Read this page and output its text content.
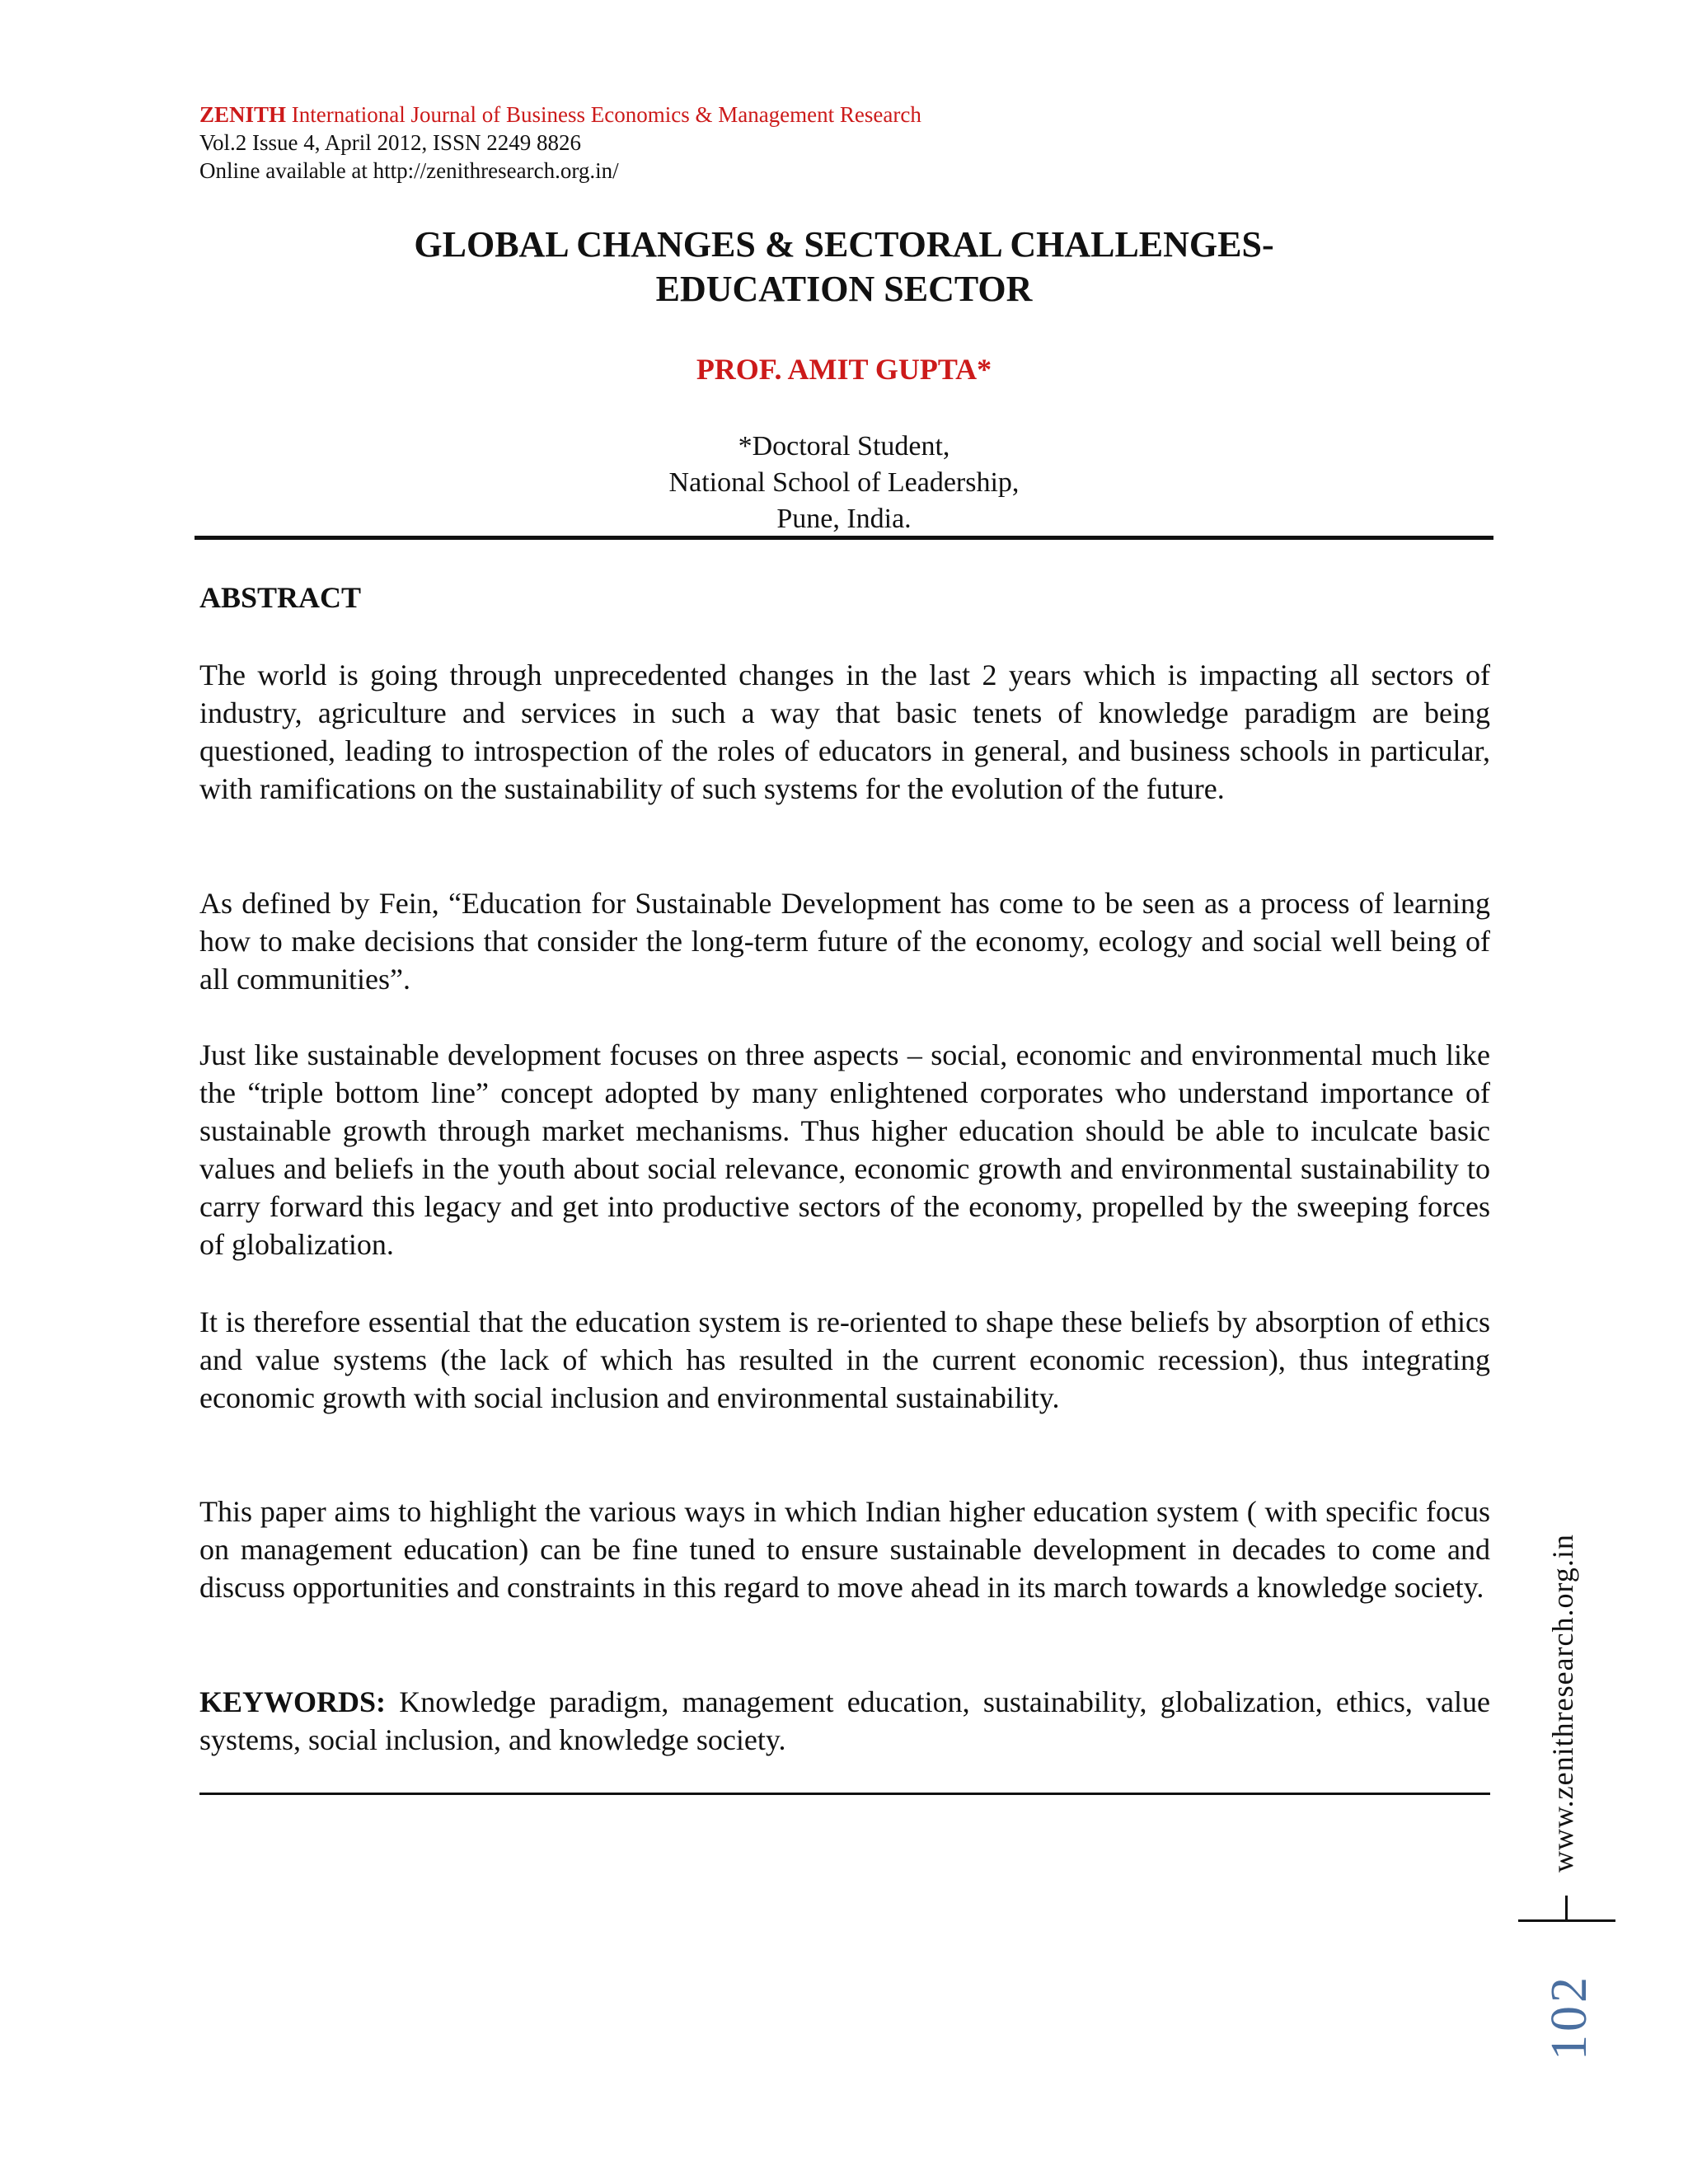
ZENITH International Journal of Business Economics & Management Research
Vol.2 Issue 4, April 2012, ISSN 2249 8826
Online available at http://zenithresearch.org.in/
GLOBAL CHANGES & SECTORAL CHALLENGES-
EDUCATION SECTOR
PROF. AMIT GUPTA*
*Doctoral Student,
National School of Leadership,
Pune, India.
ABSTRACT

The world is going through unprecedented changes in the last 2 years which is impacting all sectors of industry, agriculture and services in such a way that basic tenets of knowledge paradigm are being questioned, leading to introspection of the roles of educators in general, and business schools in particular, with ramifications on the sustainability of such systems for the evolution of the future.

As defined by Fein, “Education for Sustainable Development has come to be seen as a process of learning how to make decisions that consider the long-term future of the economy, ecology and social well being of all communities”.

Just like sustainable development focuses on three aspects – social, economic and environmental much like the “triple bottom line” concept adopted by many enlightened corporates who understand importance of sustainable growth through market mechanisms. Thus higher education should be able to inculcate basic values and beliefs in the youth about social relevance, economic growth and environmental sustainability to carry forward this legacy and get into productive sectors of the economy, propelled by the sweeping forces of globalization.

It is therefore essential that the education system is re-oriented to shape these beliefs by absorption of ethics and value systems (the lack of which has resulted in the current economic recession), thus integrating economic growth with social inclusion and environmental sustainability.

This paper aims to highlight the various ways in which Indian higher education system ( with specific focus on management education) can be fine tuned to ensure sustainable development in decades to come and discuss opportunities and constraints in this regard to move ahead in its march towards a knowledge society.

KEYWORDS: Knowledge paradigm, management education, sustainability, globalization, ethics, value systems, social inclusion, and knowledge society.	www.zenithresearch.org.in
102
